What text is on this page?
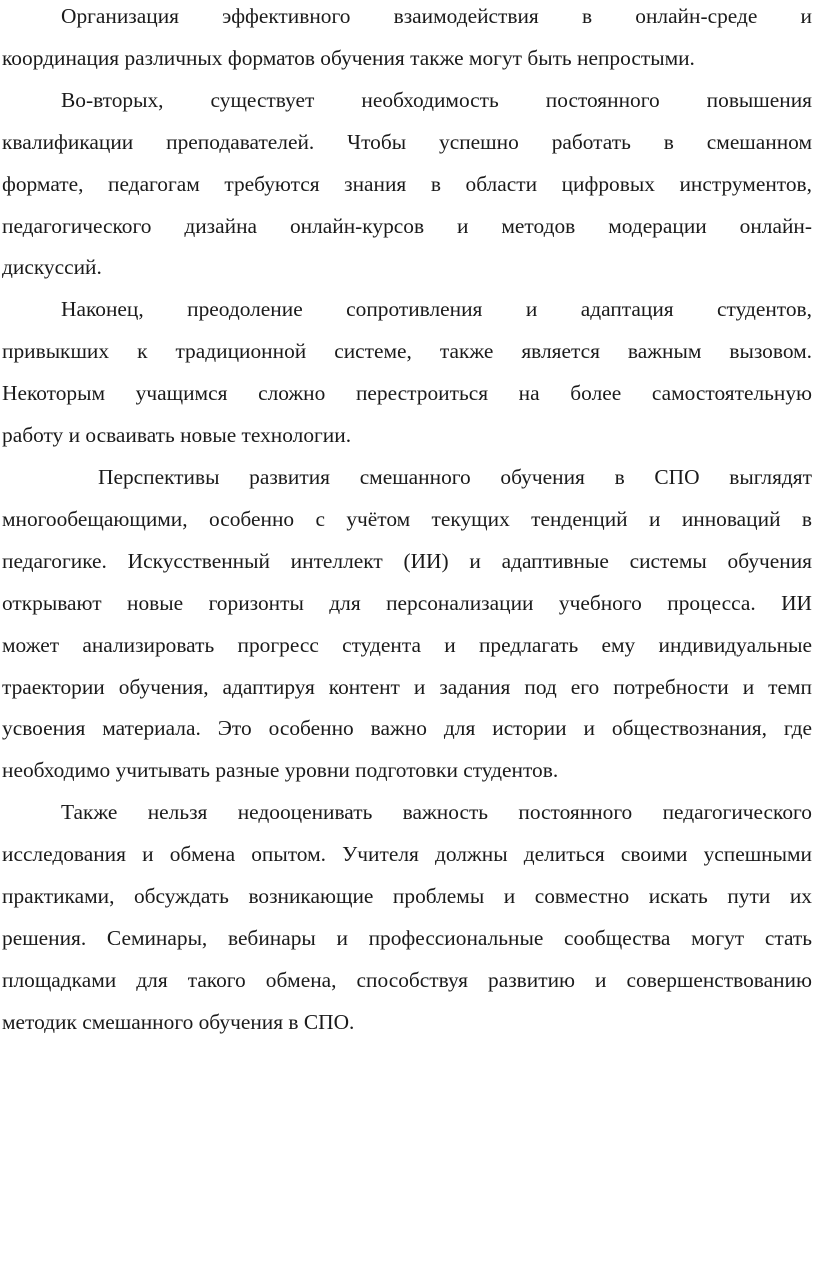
Организация эффективного взаимодействия в онлайн-среде и
координация различных форматов обучения также могут быть непростыми.
Во-вторых, существует необходимость постоянного повышения
квалификации преподавателей. Чтобы успешно работать в смешанном
формате, педагогам требуются знания в области цифровых инструментов,
педагогического дизайна онлайн-курсов и методов модерации онлайн-
дискуссий.
Наконец, преодоление сопротивления и адаптация студентов,
привыкших к традиционной системе, также является важным вызовом.
Некоторым учащимся сложно перестроиться на более самостоятельную
работу и осваивать новые технологии.
Перспективы развития смешанного обучения в СПО выглядят
многообещающими, особенно с учётом текущих тенденций и инноваций в
педагогике. Искусственный интеллект (ИИ) и адаптивные системы обучения
открывают новые горизонты для персонализации учебного процесса. ИИ
может анализировать прогресс студента и предлагать ему индивидуальные
траектории обучения, адаптируя контент и задания под его потребности и темп
усвоения материала. Это особенно важно для истории и обществознания, где
необходимо учитывать разные уровни подготовки студентов.
Также нельзя недооценивать важность постоянного педагогического
исследования и обмена опытом. Учителя должны делиться своими успешными
практиками, обсуждать возникающие проблемы и совместно искать пути их
решения. Семинары, вебинары и профессиональные сообщества могут стать
площадками для такого обмена, способствуя развитию и совершенствованию
методик смешанного обучения в СПО.
